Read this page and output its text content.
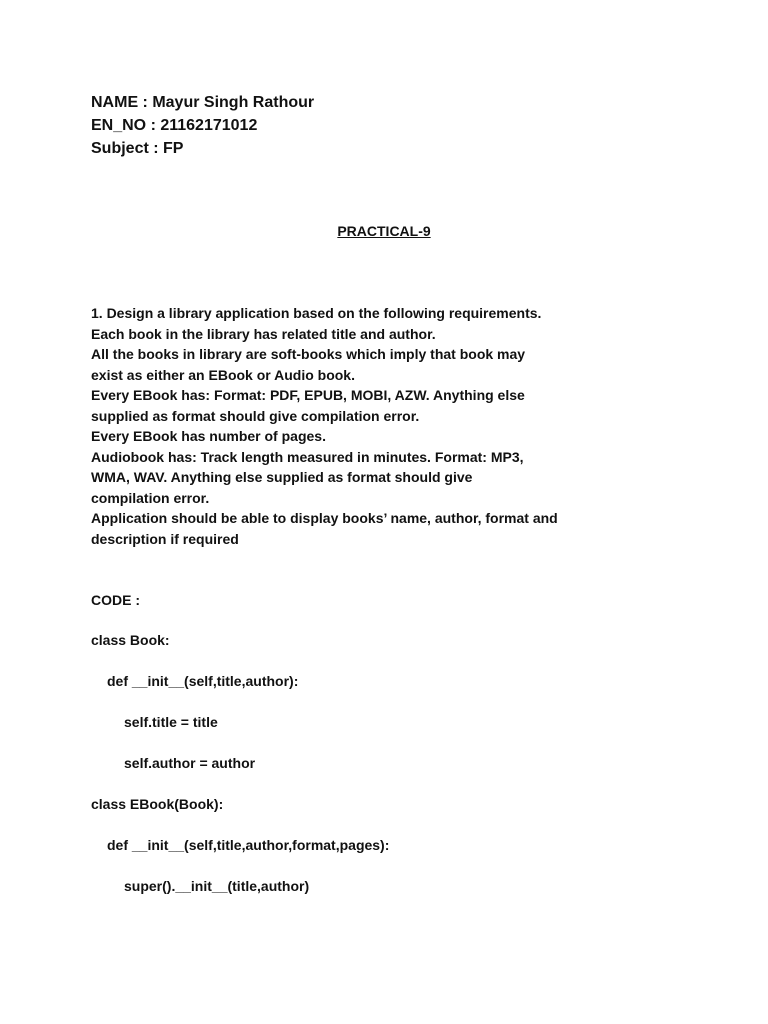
NAME : Mayur Singh Rathour
EN_NO : 21162171012
Subject : FP
PRACTICAL-9
1. Design a library application based on the following requirements.
Each book in the library has related title and author.
All the books in library are soft-books which imply that book may
exist as either an EBook or Audio book.
Every EBook has: Format: PDF, EPUB, MOBI, AZW. Anything else
supplied as format should give compilation error.
Every EBook has number of pages.
Audiobook has: Track length measured in minutes. Format: MP3,
WMA, WAV. Anything else supplied as format should give
compilation error.
Application should be able to display books’ name, author, format and
description if required
CODE :
class Book:
def __init__(self,title,author):
self.title = title
self.author = author
class EBook(Book):
def __init__(self,title,author,format,pages):
super().__init__(title,author)
